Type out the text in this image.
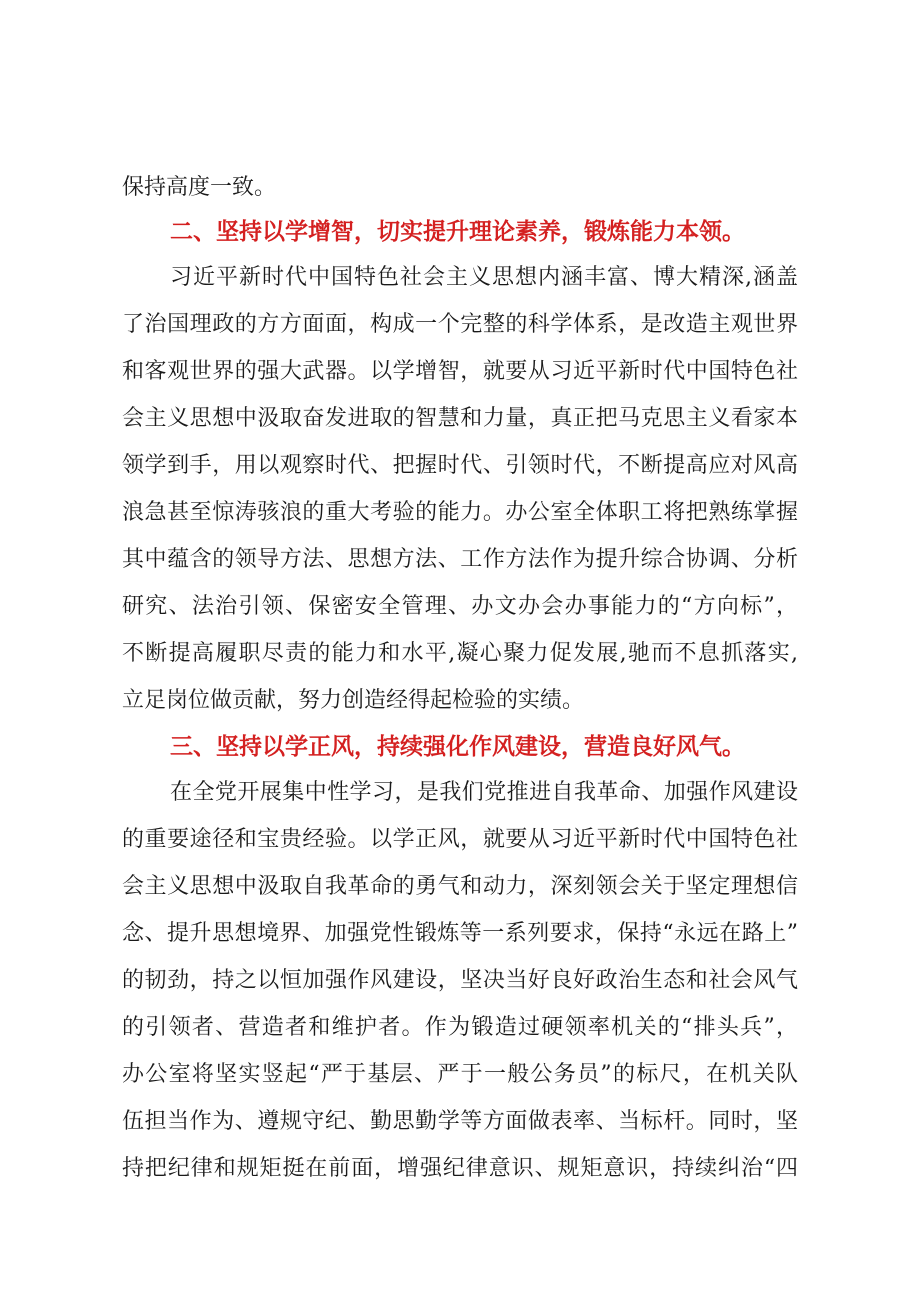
保持高度一致。
二、坚持以学增智，切实提升理论素养，锻炼能力本领。
习近平新时代中国特色社会主义思想内涵丰富、博大精深,涵盖
了治国理政的方方面面，构成一个完整的科学体系，是改造主观世界
和客观世界的强大武器。以学增智，就要从习近平新时代中国特色社
会主义思想中汲取奋发进取的智慧和力量，真正把马克思主义看家本
领学到手，用以观察时代、把握时代、引领时代，不断提高应对风高
浪急甚至惊涛骇浪的重大考验的能力。办公室全体职工将把熟练掌握
其中蕴含的领导方法、思想方法、工作方法作为提升综合协调、分析
研究、法治引领、保密安全管理、办文办会办事能力的“方向标”，
不断提高履职尽责的能力和水平,凝心聚力促发展,驰而不息抓落实,
立足岗位做贡献，努力创造经得起检验的实绩。
三、坚持以学正风，持续强化作风建设，营造良好风气。
在全党开展集中性学习，是我们党推进自我革命、加强作风建设
的重要途径和宝贵经验。以学正风，就要从习近平新时代中国特色社
会主义思想中汲取自我革命的勇气和动力，深刻领会关于坚定理想信
念、提升思想境界、加强党性锻炼等一系列要求，保持“永远在路上”
的韧劲，持之以恒加强作风建设，坚决当好良好政治生态和社会风气
的引领者、营造者和维护者。作为锻造过硬领率机关的“排头兵”，
办公室将坚实竖起“严于基层、严于一般公务员”的标尺，在机关队
伍担当作为、遵规守纪、勤思勤学等方面做表率、当标杆。同时，坚
持把纪律和规矩挺在前面，增强纪律意识、规矩意识，持续纠治“四
